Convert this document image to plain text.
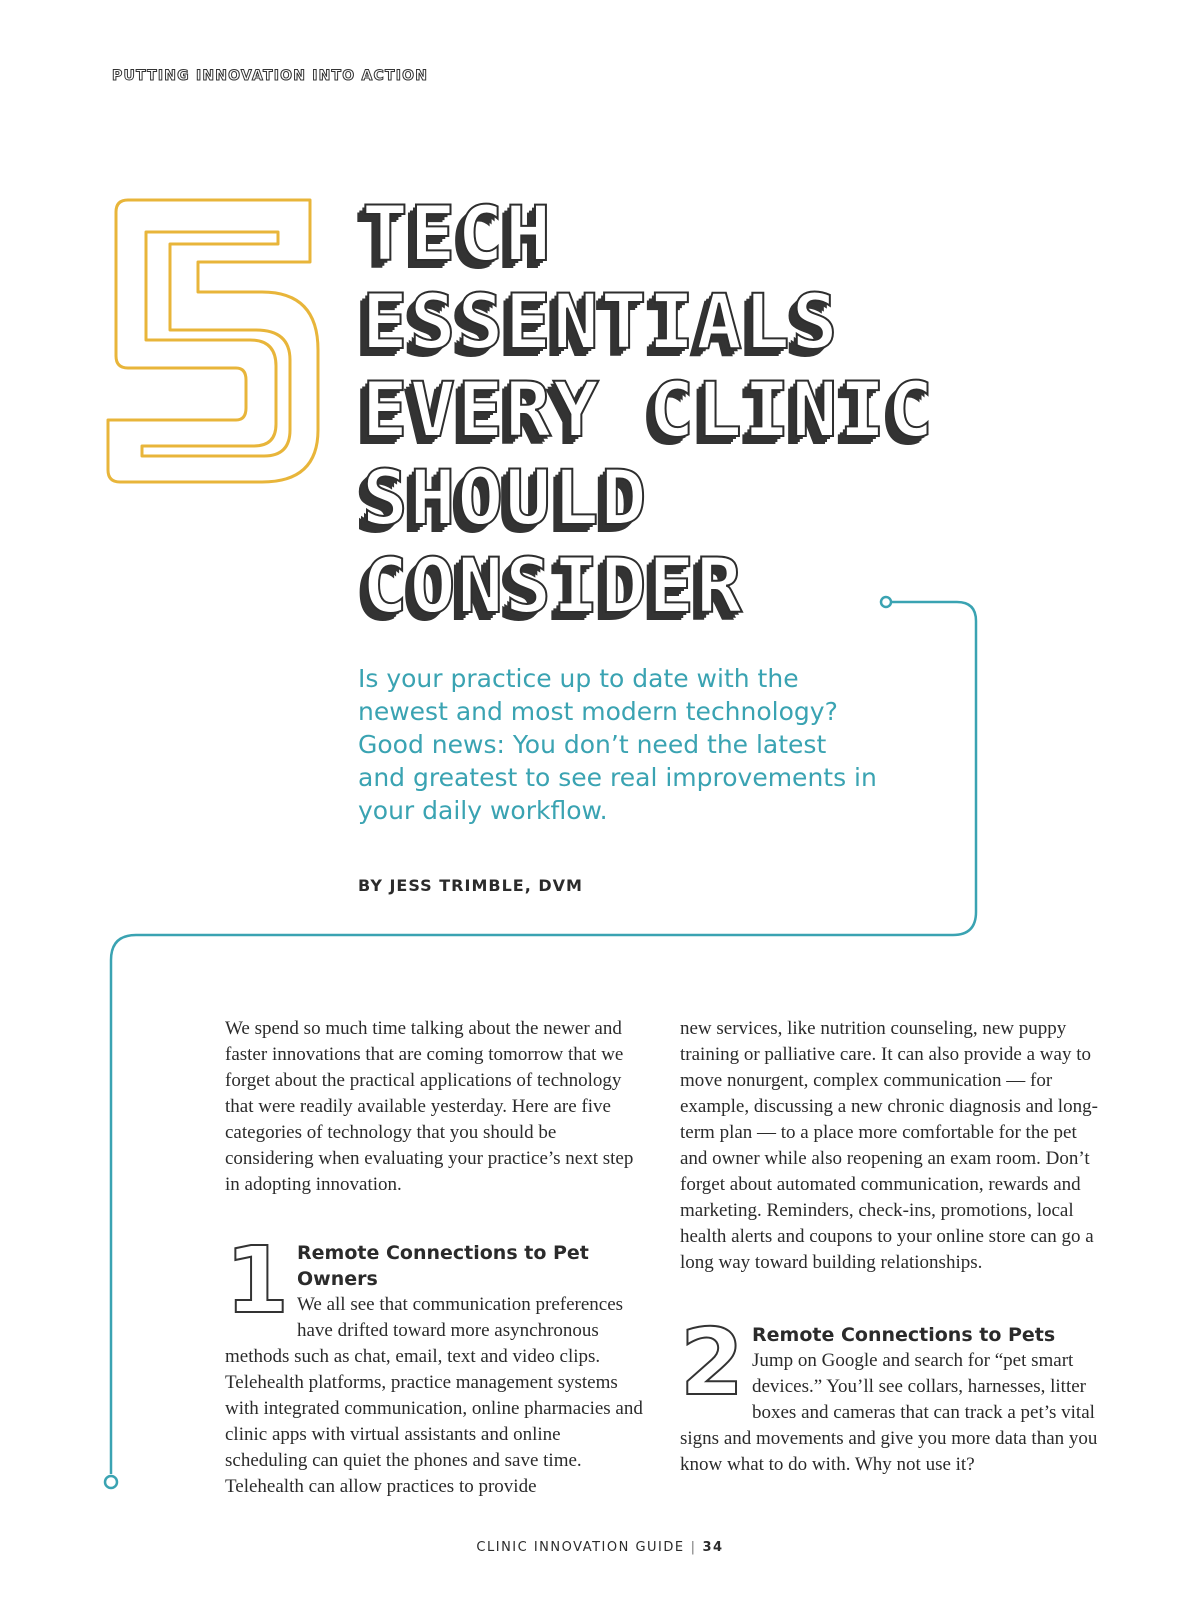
PUTTING INNOVATION INTO ACTION
TECH
ESSENTIALS
EVERY CLINIC
SHOULD
CONSIDER

Is your practice up to date with the newest and most modern technology? Good news: You don’t need the latest and greatest to see real improvements in your daily workflow.

BY JESS TRIMBLE, DVM

We spend so much time talking about the newer and faster innovations that are coming tomorrow that we forget about the practical applications of technology that were readily available yesterday. Here are five categories of technology that you should be considering when evaluating your practice’s next step in adopting innovation.

1 Remote Connections to Pet Owners

We all see that communication preferences have drifted toward more asynchronous methods such as chat, email, text and video clips. Telehealth platforms, practice management systems with integrated communication, online pharmacies and clinic apps with virtual assistants and online scheduling can quiet the phones and save time. Telehealth can allow practices to provide

new services, like nutrition counseling, new puppy training or palliative care. It can also provide a way to move nonurgent, complex communication — for example, discussing a new chronic diagnosis and long-term plan — to a place more comfortable for the pet and owner while also reopening an exam room. Don’t forget about automated communication, rewards and marketing. Reminders, check-ins, promotions, local health alerts and coupons to your online store can go a long way toward building relationships.

2 Remote Connections to Pets

Jump on Google and search for “pet smart devices.” You’ll see collars, harnesses, litter boxes and cameras that can track a pet’s vital signs and movements and give you more data than you know what to do with. Why not use it?

CLINIC INNOVATION GUIDE | 34
